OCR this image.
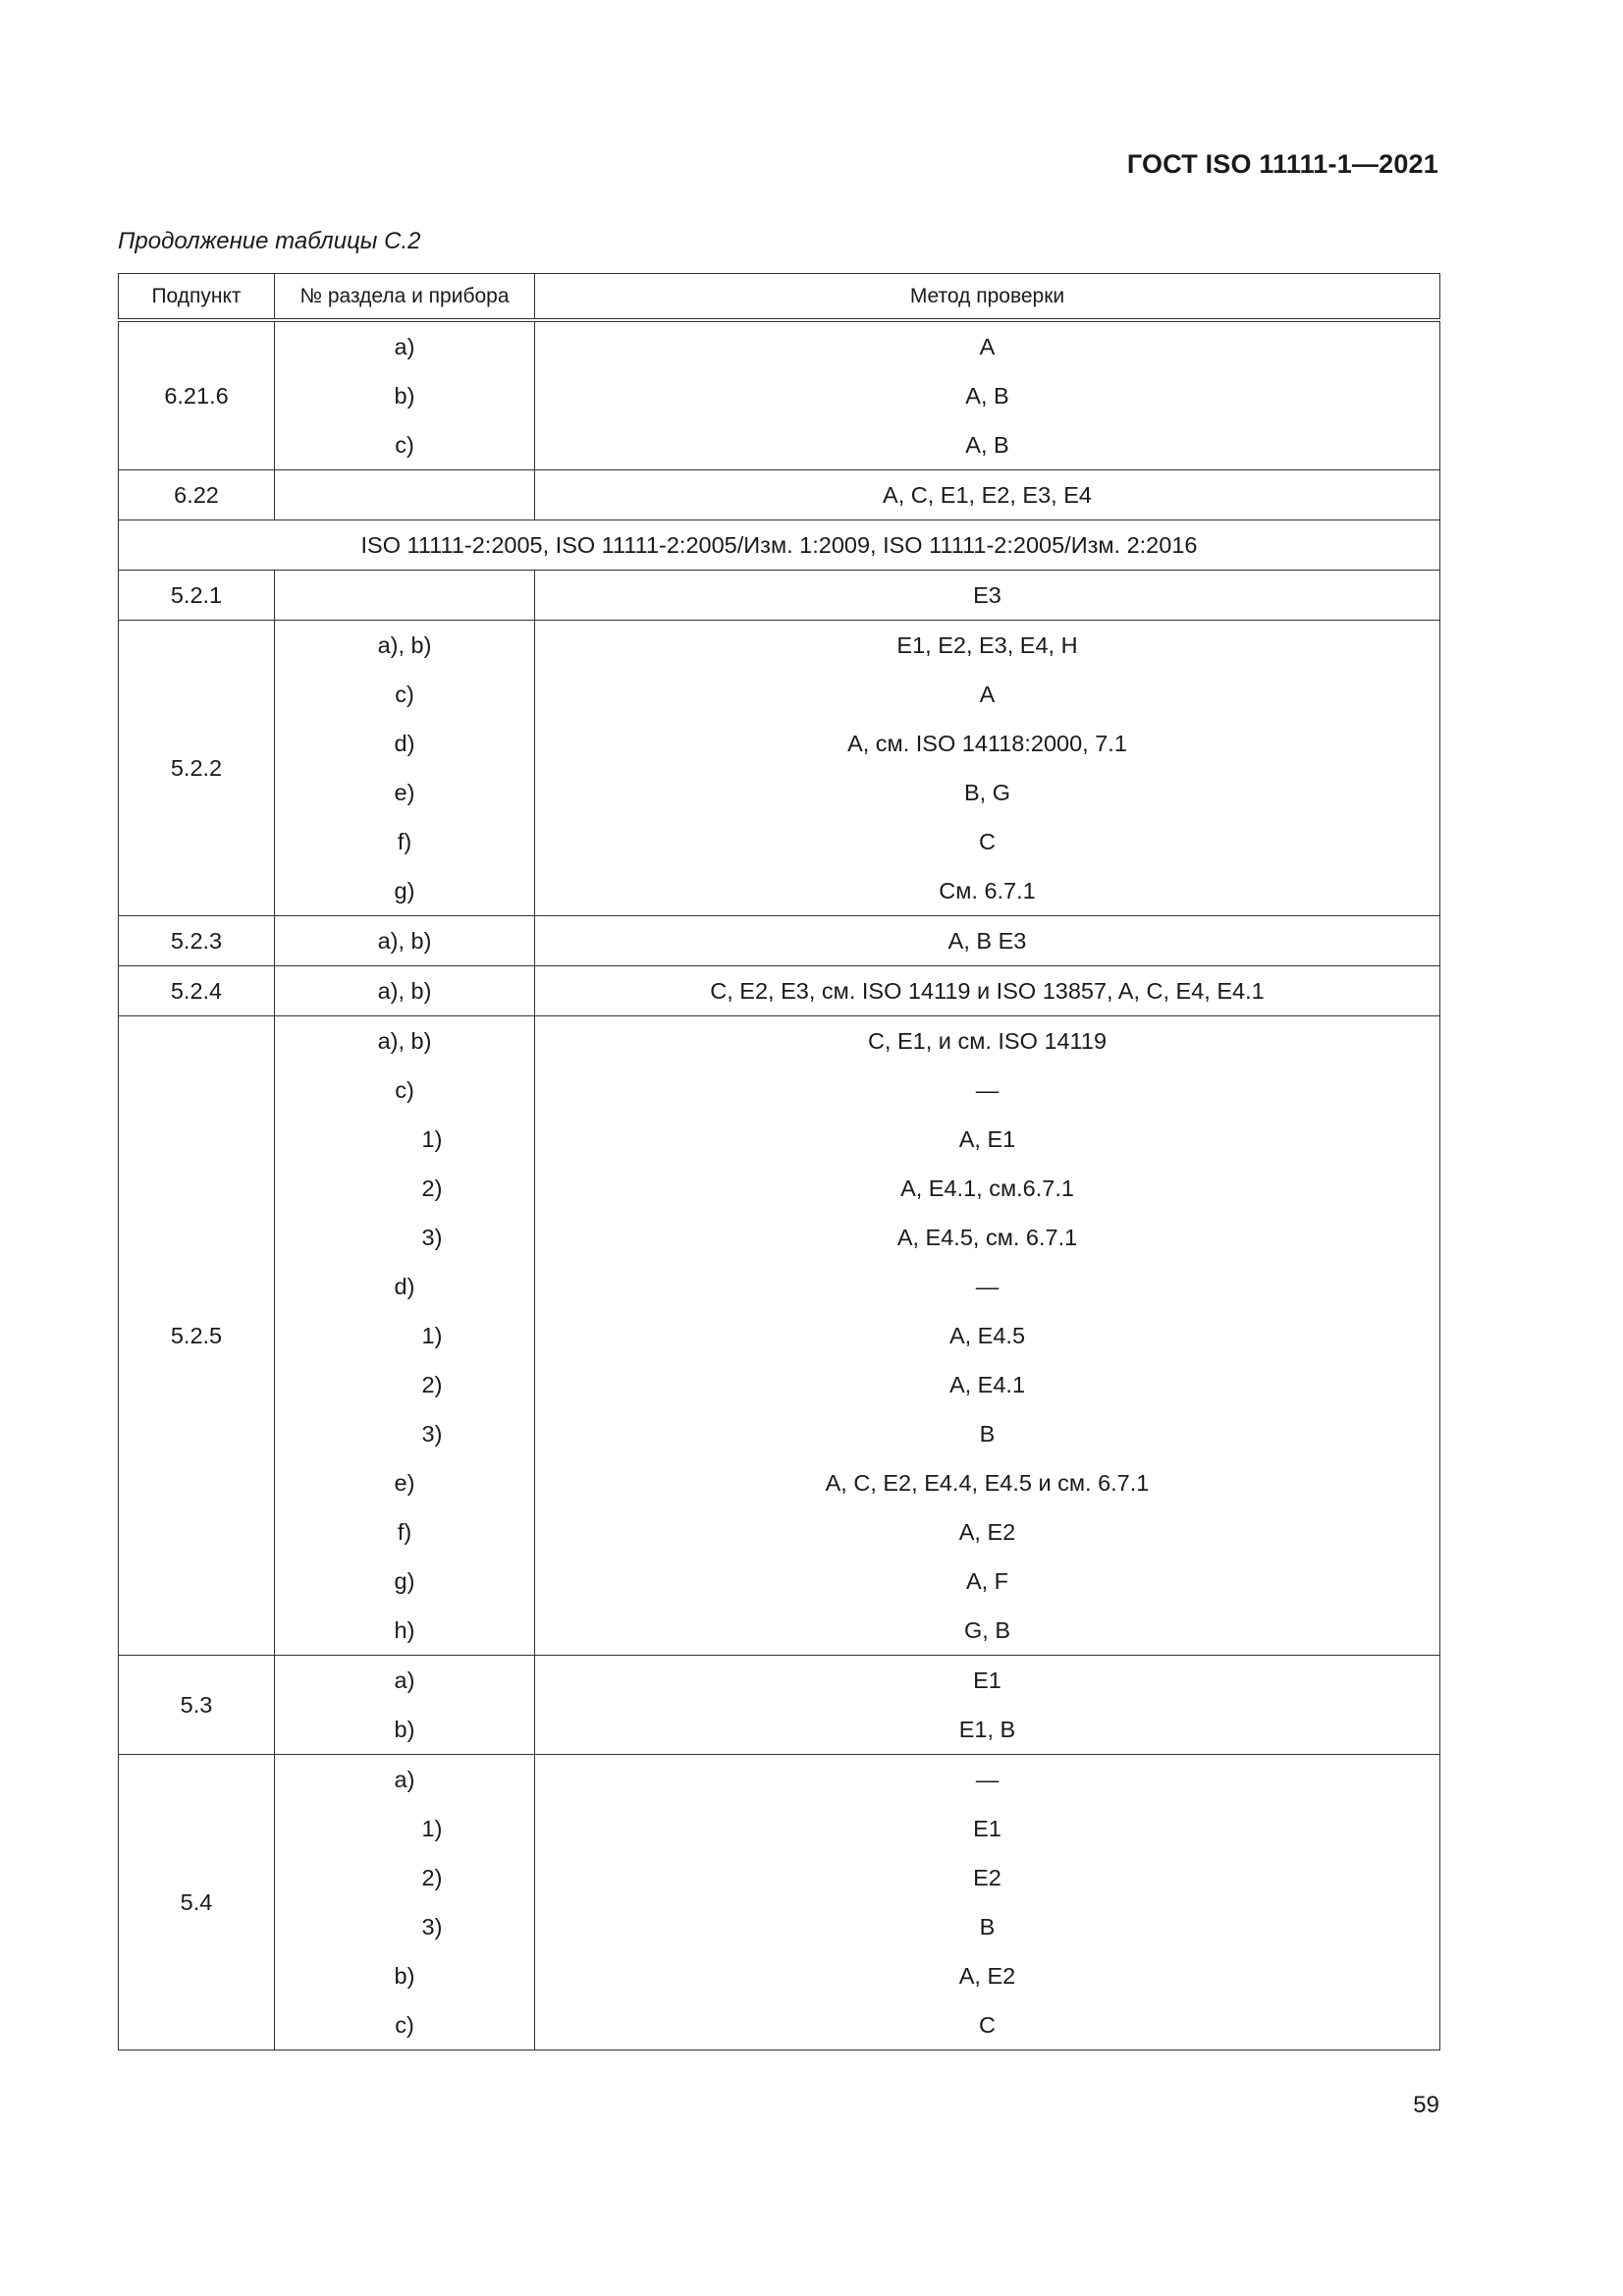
ГОСТ ISO 11111-1—2021
Продолжение таблицы С.2
Подпункт	№ раздела и прибора	Метод проверки
6.21.6	a)	A
	b)	A, B
	c)	A, B
6.22		A, C, E1, E2, E3, E4
ISO 11111-2:2005, ISO 11111-2:2005/Изм. 1:2009, ISO 11111-2:2005/Изм. 2:2016		
5.2.1		E3
5.2.2	a), b)	E1, E2, E3, E4, H
	c)	A
	d)	A, см. ISO 14118:2000, 7.1
	e)	B, G
	f)	C
	g)	См. 6.7.1
5.2.3	a), b)	A, B E3
5.2.4	a), b)	C, E2, E3, см. ISO 14119 и ISO 13857, A, C, E4, E4.1
5.2.5	a), b)	C, E1, и см. ISO 14119
	c)	—
	1)	A, E1
	2)	A, E4.1, см.6.7.1
	3)	A, E4.5, см. 6.7.1
	d)	—
	1)	A, E4.5
	2)	A, E4.1
	3)	B
	e)	A, C, E2, E4.4, E4.5 и см. 6.7.1
	f)	A, E2
	g)	A, F
	h)	G, B
5.3	a)	E1
	b)	E1, B
5.4	a)	—
	1)	E1
	2)	E2
	3)	B
	b)	A, E2
	c)	C
59
